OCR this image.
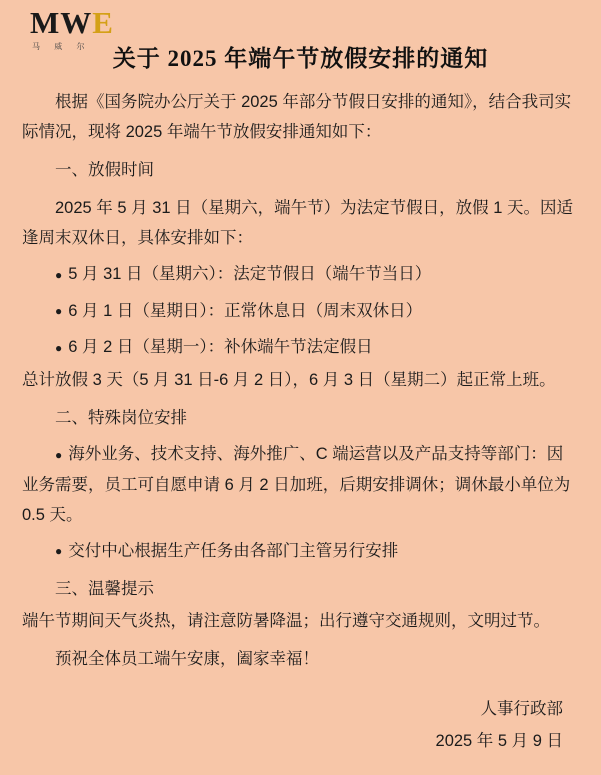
MWE
马 威 尔 关于 2025 年端午节放假安排的通知

根据《国务院办公厅关于 2025 年部分节假日安排的通知》，结合我司实际情况，现将 2025 年端午节放假安排通知如下：

一、放假时间

2025 年 5 月 31 日（星期六，端午节）为法定节假日，放假 1 天。因适逢周末双休日，具体安排如下：

● 5 月 31 日（星期六）：法定节假日（端午节当日）

● 6 月 1 日（星期日）：正常休息日（周末双休日）

● 6 月 2 日（星期一）：补休端午节法定假日

总计放假 3 天（5 月 31 日-6 月 2 日），6 月 3 日（星期二）起正常上班。

二、特殊岗位安排

● 海外业务、技术支持、海外推广、C 端运营以及产品支持等部门：因业务需要，员工可自愿申请 6 月 2 日加班，后期安排调休；调休最小单位为 0.5 天。

● 交付中心根据生产任务由各部门主管另行安排

三、温馨提示

端午节期间天气炎热，请注意防暑降温；出行遵守交通规则，文明过节。

预祝全体员工端午安康，阖家幸福！

人事行政部
2025 年 5 月 9 日
